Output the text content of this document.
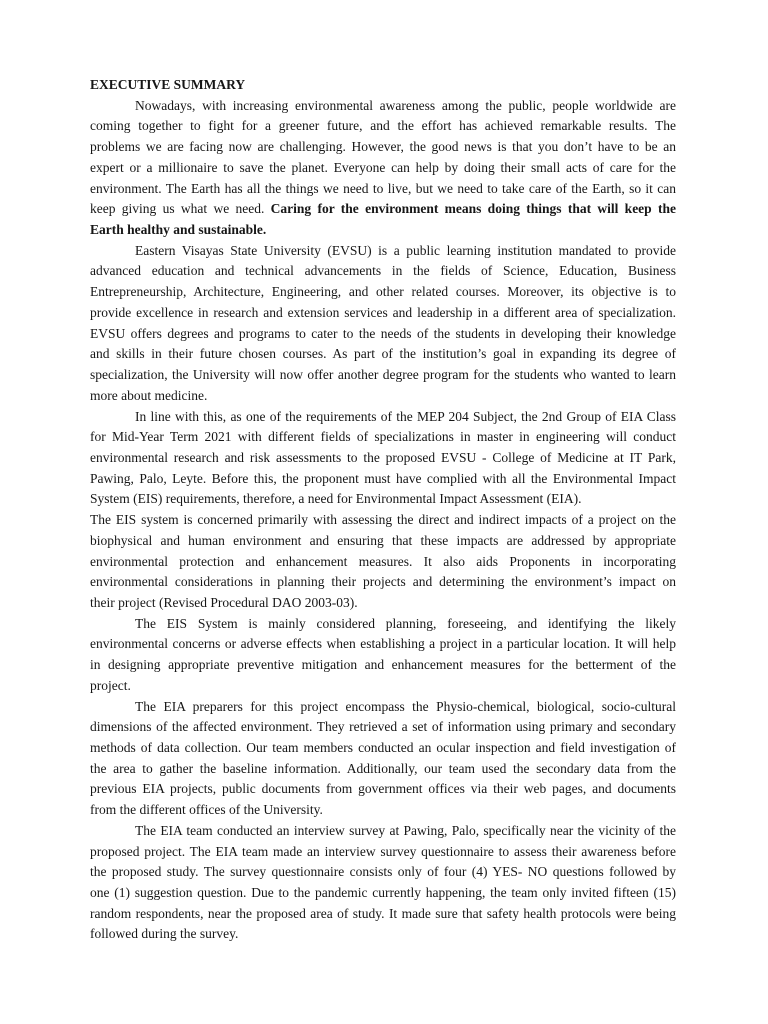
EXECUTIVE SUMMARY
Nowadays, with increasing environmental awareness among the public, people worldwide are
coming together to fight for a greener future, and the effort has achieved remarkable results. The
problems we are facing now are challenging. However, the good news is that you don’t have to be an
expert or a millionaire to save the planet. Everyone can help by doing their small acts of care for the
environment. The Earth has all the things we need to live, but we need to take care of the Earth, so it can
keep giving us what we need. Caring for the environment means doing things that will keep the
Earth healthy and sustainable.
Eastern Visayas State University (EVSU) is a public learning institution mandated to provide
advanced education and technical advancements in the fields of Science, Education, Business
Entrepreneurship, Architecture, Engineering, and other related courses. Moreover, its objective is to
provide excellence in research and extension services and leadership in a different area of specialization.
EVSU offers degrees and programs to cater to the needs of the students in developing their knowledge
and skills in their future chosen courses. As part of the institution’s goal in expanding its degree of
specialization, the University will now offer another degree program for the students who wanted to learn
more about medicine.
In line with this, as one of the requirements of the MEP 204 Subject, the 2nd Group of EIA Class
for Mid-Year Term 2021 with different fields of specializations in master in engineering will conduct
environmental research and risk assessments to the proposed EVSU - College of Medicine at IT Park,
Pawing, Palo, Leyte. Before this, the proponent must have complied with all the Environmental Impact
System (EIS) requirements, therefore, a need for Environmental Impact Assessment (EIA).
The EIS system is concerned primarily with assessing the direct and indirect impacts of a project on the
biophysical and human environment and ensuring that these impacts are addressed by appropriate
environmental protection and enhancement measures. It also aids Proponents in incorporating
environmental considerations in planning their projects and determining the environment’s impact on
their project (Revised Procedural DAO 2003-03).
The EIS System is mainly considered planning, foreseeing, and identifying the likely
environmental concerns or adverse effects when establishing a project in a particular location. It will help
in designing appropriate preventive mitigation and enhancement measures for the betterment of the
project.
The EIA preparers for this project encompass the Physio-chemical, biological, socio-cultural
dimensions of the affected environment. They retrieved a set of information using primary and secondary
methods of data collection. Our team members conducted an ocular inspection and field investigation of
the area to gather the baseline information. Additionally, our team used the secondary data from the
previous EIA projects, public documents from government offices via their web pages, and documents
from the different offices of the University.
The EIA team conducted an interview survey at Pawing, Palo, specifically near the vicinity of the
proposed project. The EIA team made an interview survey questionnaire to assess their awareness before
the proposed study. The survey questionnaire consists only of four (4) YES- NO questions followed by
one (1) suggestion question. Due to the pandemic currently happening, the team only invited fifteen (15)
random respondents, near the proposed area of study. It made sure that safety health protocols were being
followed during the survey.
